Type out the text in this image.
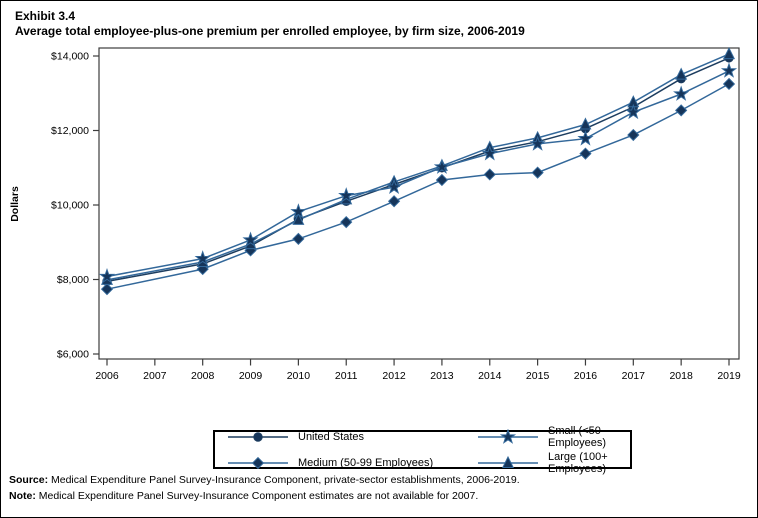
Exhibit 3.4
Average total employee-plus-one premium per enrolled employee, by firm size, 2006-2019
$6,000
$8,000
$10,000
$12,000
$14,000
2006 2007 2008 2009 2010 2011 2012 2013 2014 2015 2016 2017 2018 2019
Dollars
United States	Small (<50 Employees)
Medium (50-99 Employees)	Large (100+ Employees)
Source: Medical Expenditure Panel Survey-Insurance Component, private-sector establishments, 2006-2019.
Note: Medical Expenditure Panel Survey-Insurance Component estimates are not available for 2007.
